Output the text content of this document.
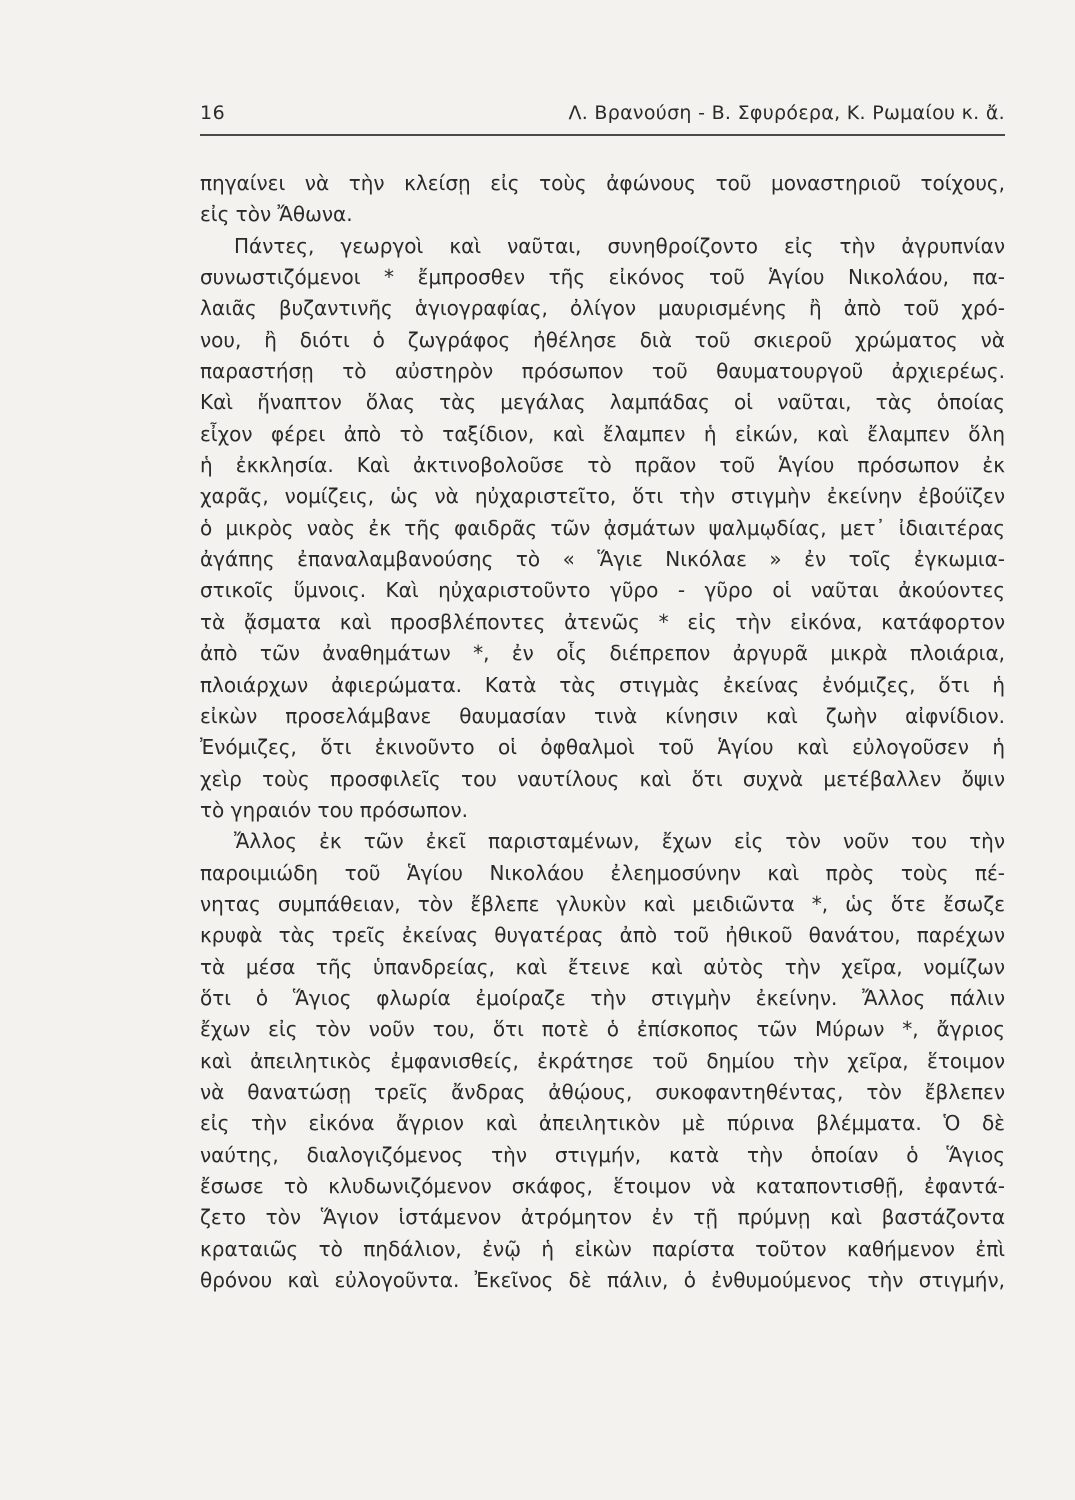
16	Λ. Βρανούση - Β. Σφυρόερα, Κ. Ρωμαίου κ. ἄ.
πηγαίνει νὰ τὴν κλείσῃ εἰς τοὺς ἀφώνους τοῦ μοναστηριοῦ τοίχους,
εἰς τὸν Ἄθωνα.
Πάντες, γεωργοὶ καὶ ναῦται, συνηθροίζοντο εἰς τὴν ἀγρυπνίαν
συνωστιζόμενοι * ἔμπροσθεν τῆς εἰκόνος τοῦ Ἁγίου Νικολάου, πα-
λαιᾶς βυζαντινῆς ἁγιογραφίας, ὀλίγον μαυρισμένης ἢ ἀπὸ τοῦ χρό-
νου, ἢ διότι ὁ ζωγράφος ἠθέλησε διὰ τοῦ σκιεροῦ χρώματος νὰ
παραστήσῃ τὸ αὐστηρὸν πρόσωπον τοῦ θαυματουργοῦ ἀρχιερέως.
Καὶ ἥναπτον ὅλας τὰς μεγάλας λαμπάδας οἱ ναῦται, τὰς ὁποίας
εἶχον φέρει ἀπὸ τὸ ταξίδιον, καὶ ἔλαμπεν ἡ εἰκών, καὶ ἔλαμπεν ὅλη
ἡ ἐκκλησία. Καὶ ἀκτινοβολοῦσε τὸ πρᾶον τοῦ Ἁγίου πρόσωπον ἐκ
χαρᾶς, νομίζεις, ὡς νὰ ηὐχαριστεῖτο, ὅτι τὴν στιγμὴν ἐκείνην ἐβούϊζεν
ὁ μικρὸς ναὸς ἐκ τῆς φαιδρᾶς τῶν ᾀσμάτων ψαλμῳδίας, μετ᾽ ἰδιαιτέρας
ἀγάπης ἐπαναλαμβανούσης τὸ « Ἅγιε Νικόλαε » ἐν τοῖς ἐγκωμια-
στικοῖς ὕμνοις. Καὶ ηὐχαριστοῦντο γῦρο - γῦρο οἱ ναῦται ἀκούοντες
τὰ ᾄσματα καὶ προσβλέποντες ἀτενῶς * εἰς τὴν εἰκόνα, κατάφορτον
ἀπὸ τῶν ἀναθημάτων *, ἐν οἷς διέπρεπον ἀργυρᾶ μικρὰ πλοιάρια,
πλοιάρχων ἀφιερώματα. Κατὰ τὰς στιγμὰς ἐκείνας ἐνόμιζες, ὅτι ἡ
εἰκὼν προσελάμβανε θαυμασίαν τινὰ κίνησιν καὶ ζωὴν αἰφνίδιον.
Ἐνόμιζες, ὅτι ἐκινοῦντο οἱ ὀφθαλμοὶ τοῦ Ἁγίου καὶ εὐλογοῦσεν ἡ
χεὶρ τοὺς προσφιλεῖς του ναυτίλους καὶ ὅτι συχνὰ μετέβαλλεν ὄψιν
τὸ γηραιόν του πρόσωπον.
Ἄλλος ἐκ τῶν ἐκεῖ παρισταμένων, ἔχων εἰς τὸν νοῦν του τὴν
παροιμιώδη τοῦ Ἁγίου Νικολάου ἐλεημοσύνην καὶ πρὸς τοὺς πέ-
νητας συμπάθειαν, τὸν ἔβλεπε γλυκὺν καὶ μειδιῶντα *, ὡς ὅτε ἔσωζε
κρυφὰ τὰς τρεῖς ἐκείνας θυγατέρας ἀπὸ τοῦ ἠθικοῦ θανάτου, παρέχων
τὰ μέσα τῆς ὑπανδρείας, καὶ ἔτεινε καὶ αὐτὸς τὴν χεῖρα, νομίζων
ὅτι ὁ Ἅγιος φλωρία ἐμοίραζε τὴν στιγμὴν ἐκείνην. Ἄλλος πάλιν
ἔχων εἰς τὸν νοῦν του, ὅτι ποτὲ ὁ ἐπίσκοπος τῶν Μύρων *, ἄγριος
καὶ ἀπειλητικὸς ἐμφανισθείς, ἐκράτησε τοῦ δημίου τὴν χεῖρα, ἕτοιμον
νὰ θανατώσῃ τρεῖς ἄνδρας ἀθῴους, συκοφαντηθέντας, τὸν ἔβλεπεν
εἰς τὴν εἰκόνα ἄγριον καὶ ἀπειλητικὸν μὲ πύρινα βλέμματα. Ὁ δὲ
ναύτης, διαλογιζόμενος τὴν στιγμήν, κατὰ τὴν ὁποίαν ὁ Ἅγιος
ἔσωσε τὸ κλυδωνιζόμενον σκάφος, ἕτοιμον νὰ καταποντισθῇ, ἐφαντά-
ζετο τὸν Ἅγιον ἱστάμενον ἀτρόμητον ἐν τῇ πρύμνῃ καὶ βαστάζοντα
κραταιῶς τὸ πηδάλιον, ἐνῷ ἡ εἰκὼν παρίστα τοῦτον καθήμενον ἐπὶ
θρόνου καὶ εὐλογοῦντα. Ἐκεῖνος δὲ πάλιν, ὁ ἐνθυμούμενος τὴν στιγμήν,
